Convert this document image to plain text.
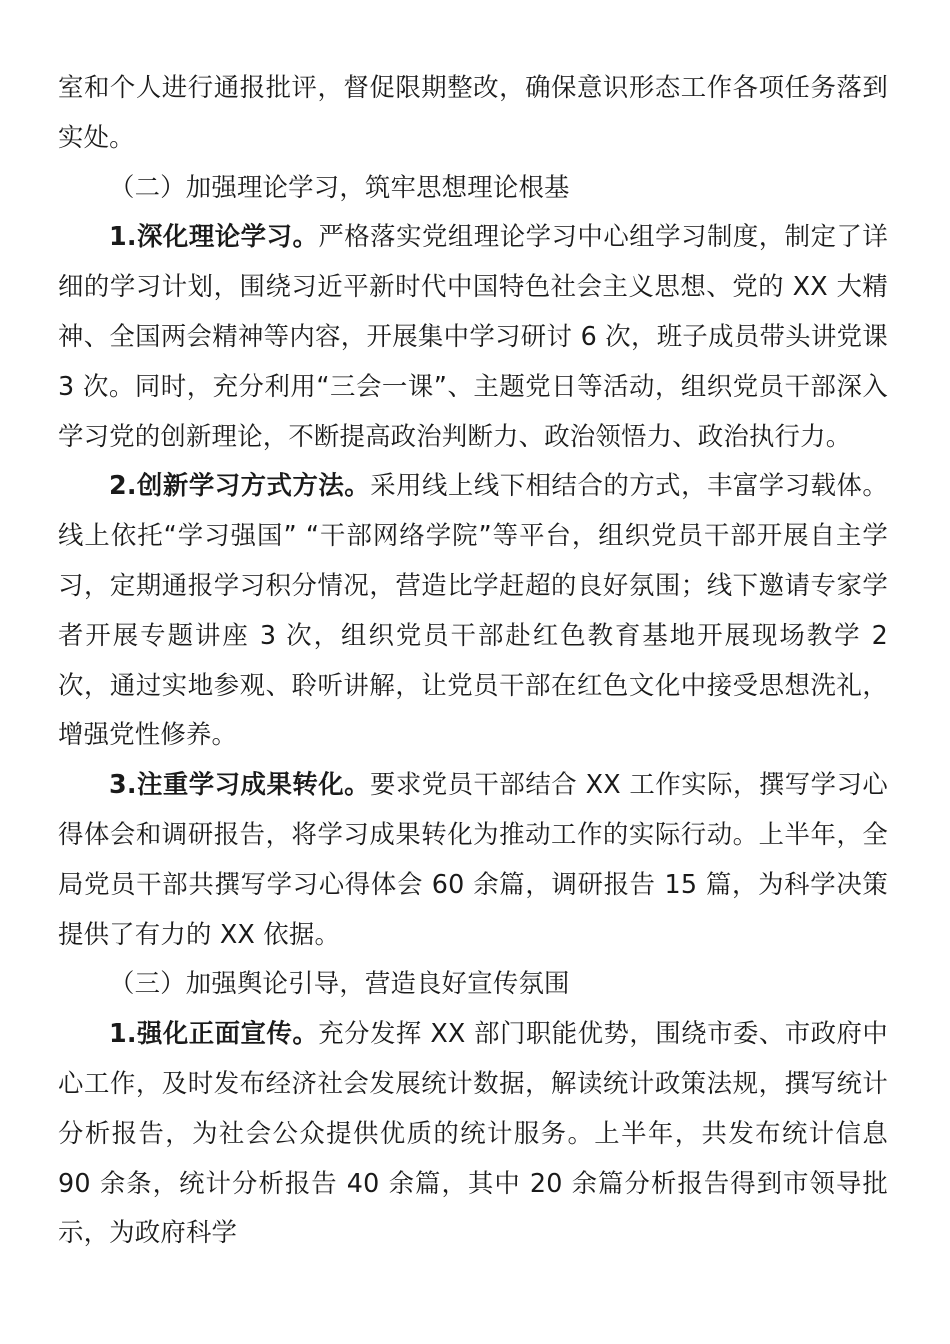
室和个人进行通报批评，督促限期整改，确保意识形态工作各项任务落到实处。

（二）加强理论学习，筑牢思想理论根基

1.深化理论学习。严格落实党组理论学习中心组学习制度，制定了详细的学习计划，围绕习近平新时代中国特色社会主义思想、党的 XX 大精神、全国两会精神等内容，开展集中学习研讨 6 次，班子成员带头讲党课 3 次。同时，充分利用“三会一课”、主题党日等活动，组织党员干部深入学习党的创新理论，不断提高政治判断力、政治领悟力、政治执行力。

2.创新学习方式方法。采用线上线下相结合的方式，丰富学习载体。线上依托“学习强国” “干部网络学院”等平台，组织党员干部开展自主学习，定期通报学习积分情况，营造比学赶超的良好氛围；线下邀请专家学者开展专题讲座 3 次，组织党员干部赴红色教育基地开展现场教学 2 次，通过实地参观、聆听讲解，让党员干部在红色文化中接受思想洗礼，增强党性修养。

3.注重学习成果转化。要求党员干部结合 XX 工作实际，撰写学习心得体会和调研报告，将学习成果转化为推动工作的实际行动。上半年，全局党员干部共撰写学习心得体会 60 余篇，调研报告 15 篇，为科学决策提供了有力的 XX 依据。

（三）加强舆论引导，营造良好宣传氛围

1.强化正面宣传。充分发挥 XX 部门职能优势，围绕市委、市政府中心工作，及时发布经济社会发展统计数据，解读统计政策法规，撰写统计分析报告，为社会公众提供优质的统计服务。上半年，共发布统计信息 90 余条，统计分析报告 40 余篇，其中 20 余篇分析报告得到市领导批示，为政府科学
